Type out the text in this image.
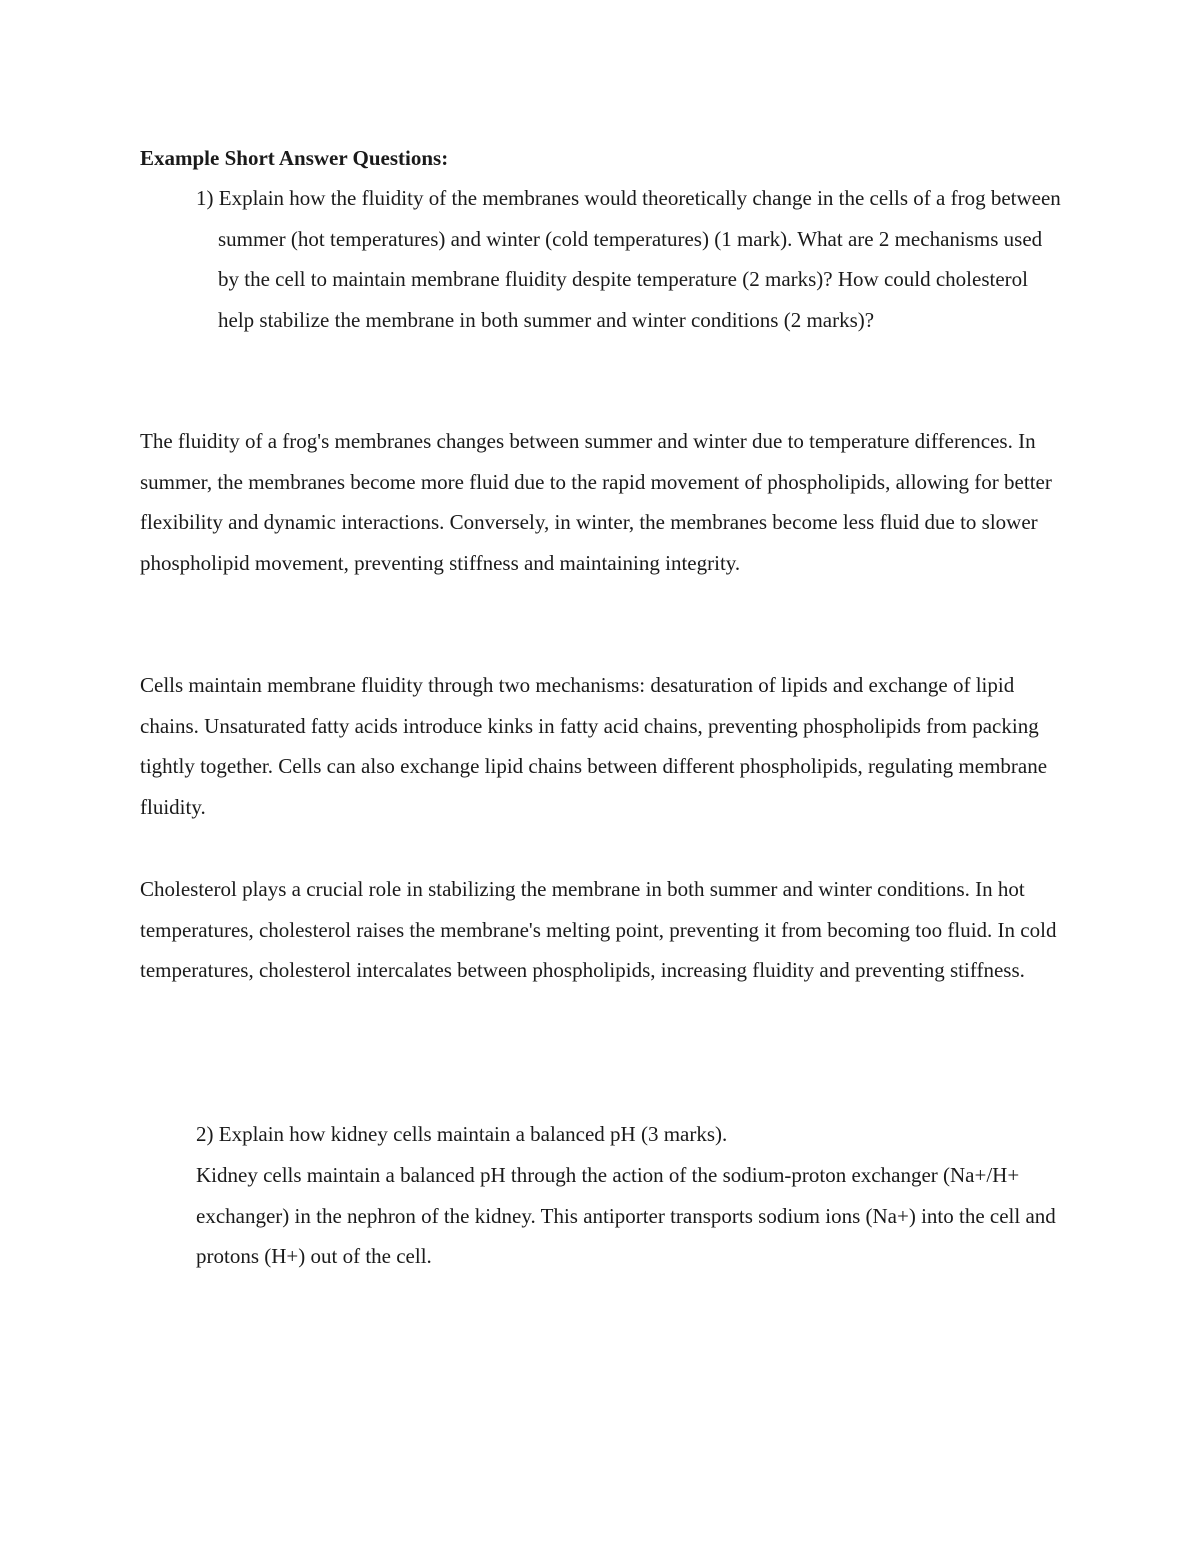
Example Short Answer Questions:

1) Explain how the fluidity of the membranes would theoretically change in the cells of a frog between summer (hot temperatures) and winter (cold temperatures) (1 mark). What are 2 mechanisms used by the cell to maintain membrane fluidity despite temperature (2 marks)? How could cholesterol help stabilize the membrane in both summer and winter conditions (2 marks)?

The fluidity of a frog's membranes changes between summer and winter due to temperature differences. In summer, the membranes become more fluid due to the rapid movement of phospholipids, allowing for better flexibility and dynamic interactions. Conversely, in winter, the membranes become less fluid due to slower phospholipid movement, preventing stiffness and maintaining integrity.

Cells maintain membrane fluidity through two mechanisms: desaturation of lipids and exchange of lipid chains. Unsaturated fatty acids introduce kinks in fatty acid chains, preventing phospholipids from packing tightly together. Cells can also exchange lipid chains between different phospholipids, regulating membrane fluidity.

Cholesterol plays a crucial role in stabilizing the membrane in both summer and winter conditions. In hot temperatures, cholesterol raises the membrane's melting point, preventing it from becoming too fluid. In cold temperatures, cholesterol intercalates between phospholipids, increasing fluidity and preventing stiffness.

2) Explain how kidney cells maintain a balanced pH (3 marks).

Kidney cells maintain a balanced pH through the action of the sodium-proton exchanger (Na+/H+ exchanger) in the nephron of the kidney. This antiporter transports sodium ions (Na+) into the cell and protons (H+) out of the cell.
